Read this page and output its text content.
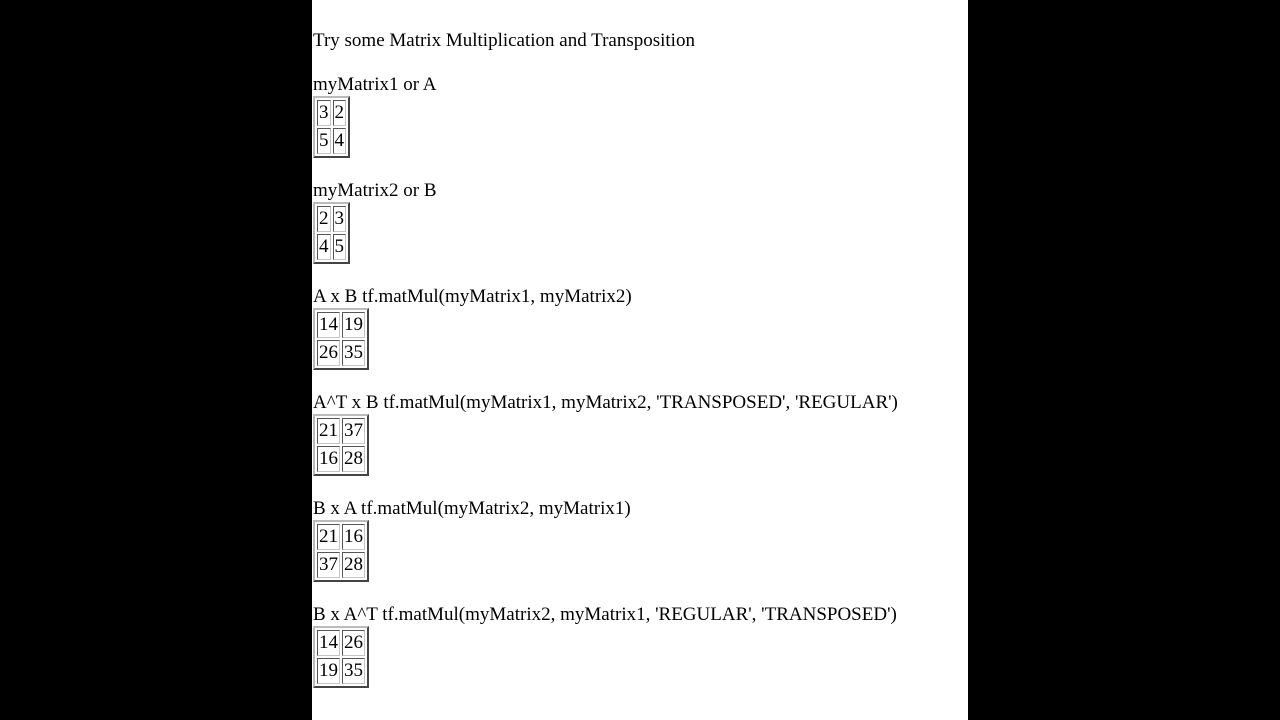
Try some Matrix Multiplication and Transposition
myMatrix1 or A
3	2
5	4
myMatrix2 or B
2	3
4	5
A x B tf.matMul(myMatrix1, myMatrix2)
14	19
26	35
A^T x B tf.matMul(myMatrix1, myMatrix2, 'TRANSPOSED', 'REGULAR')
21	37
16	28
B x A tf.matMul(myMatrix2, myMatrix1)
21	16
37	28
B x A^T tf.matMul(myMatrix2, myMatrix1, 'REGULAR', 'TRANSPOSED')
14	26
19	35
